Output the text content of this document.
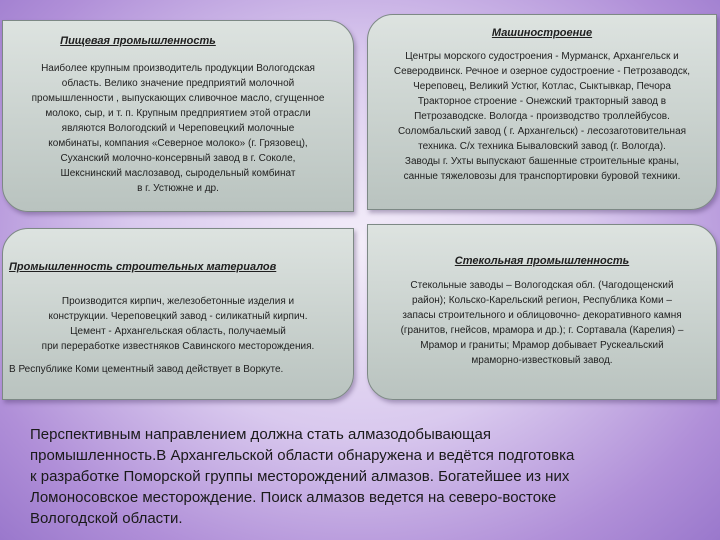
Пищевая промышленность
Наиболее крупным производитель продукции Вологодская
область. Велико значение предприятий молочной
промышленности , выпускающих сливочное масло, сгущенное
молоко, сыр, и т. п. Крупным предприятием этой отрасли
являются Вологодский и Череповецкий молочные
комбинаты, компания «Северное молоко» (г. Грязовец),
Суханский молочно-консервный завод в г. Соколе,
Шекснинский маслозавод, сыродельный комбинат
в г. Устюжне и др.
Машиностроение
Центры морского судостроения - Мурманск, Архангельск и
Северодвинск. Речное и озерное судостроение - Петрозаводск,
Череповец, Великий Устюг, Котлас, Сыктывкар, Печора
Тракторное строение - Онежский тракторный завод в
Петрозаводске. Вологда - производство троллейбусов.
Соломбальский завод ( г. Архангельск) - лесозаготовительная
техника. С/х техника Бываловский завод (г. Вологда).
Заводы г. Ухты выпускают башенные строительные краны,
санные тяжеловозы для транспортировки буровой техники.
Промышленность строительных материалов
Производится кирпич, железобетонные изделия и
конструкции. Череповецкий завод - силикатный кирпич.
Цемент - Архангельская область, получаемый
при переработке известняков Савинского месторождения.
В Республике Коми цементный завод действует в Воркуте.
Стекольная промышленность
Стекольные заводы – Вологодская обл. (Чагодощенский
район); Кольско-Карельский регион, Республика Коми –
запасы строительного и облицовочно- декоративного камня
(гранитов, гнейсов, мрамора и др.); г. Сортавала (Карелия) –
Мрамор и граниты; Мрамор добывает Рускеальский
мраморно-известковый завод.
Перспективным направлением должна стать алмазодобывающая
промышленность.В Архангельской области обнаружена и ведётся подготовка
к разработке Поморской группы месторождений алмазов. Богатейшее из них
Ломоносовское месторождение. Поиск алмазов ведется на северо-востоке
Вологодской области.
